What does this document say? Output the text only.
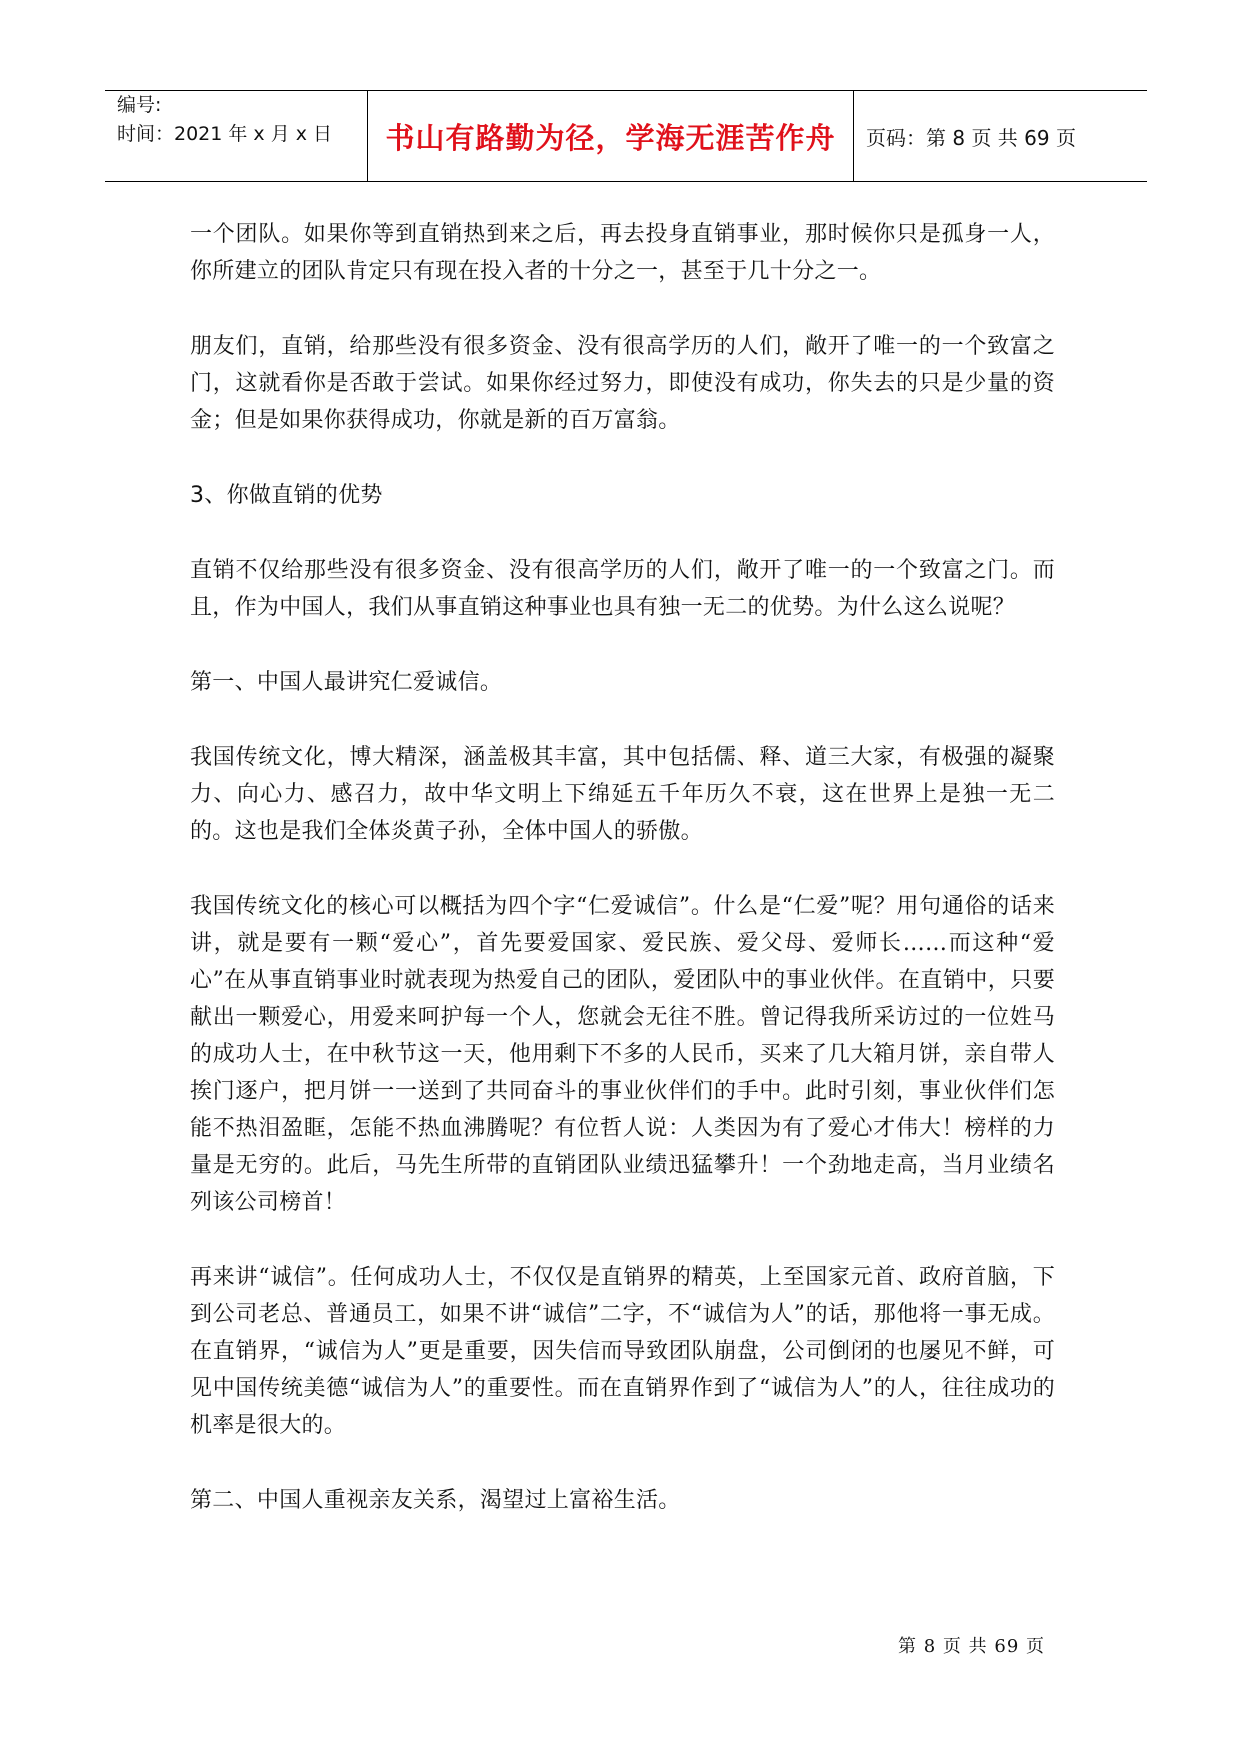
编号:
时间：2021 年 x 月 x 日	书山有路勤为径，学海无涯苦作舟	页码：第 8 页 共 69 页

一个团队。如果你等到直销热到来之后，再去投身直销事业，那时候你只是孤身一人，你所建立的团队肯定只有现在投入者的十分之一，甚至于几十分之一。

朋友们，直销，给那些没有很多资金、没有很高学历的人们，敞开了唯一的一个致富之门，这就看你是否敢于尝试。如果你经过努力，即使没有成功，你失去的只是少量的资金；但是如果你获得成功，你就是新的百万富翁。

3、你做直销的优势

直销不仅给那些没有很多资金、没有很高学历的人们，敞开了唯一的一个致富之门。而且，作为中国人，我们从事直销这种事业也具有独一无二的优势。为什么这么说呢？

第一、中国人最讲究仁爱诚信。

我国传统文化，博大精深，涵盖极其丰富，其中包括儒、释、道三大家，有极强的凝聚力、向心力、感召力，故中华文明上下绵延五千年历久不衰，这在世界上是独一无二的。这也是我们全体炎黄子孙，全体中国人的骄傲。

我国传统文化的核心可以概括为四个字“仁爱诚信”。什么是“仁爱”呢？用句通俗的话来讲，就是要有一颗“爱心”，首先要爱国家、爱民族、爱父母、爱师长……而这种“爱心”在从事直销事业时就表现为热爱自己的团队，爱团队中的事业伙伴。在直销中，只要献出一颗爱心，用爱来呵护每一个人，您就会无往不胜。曾记得我所采访过的一位姓马的成功人士，在中秋节这一天，他用剩下不多的人民币，买来了几大箱月饼，亲自带人挨门逐户，把月饼一一送到了共同奋斗的事业伙伴们的手中。此时引刻，事业伙伴们怎能不热泪盈眶，怎能不热血沸腾呢？有位哲人说：人类因为有了爱心才伟大！榜样的力量是无穷的。此后，马先生所带的直销团队业绩迅猛攀升！一个劲地走高，当月业绩名列该公司榜首！

再来讲“诚信”。任何成功人士，不仅仅是直销界的精英，上至国家元首、政府首脑，下到公司老总、普通员工，如果不讲“诚信”二字，不“诚信为人”的话，那他将一事无成。在直销界，“诚信为人”更是重要，因失信而导致团队崩盘，公司倒闭的也屡见不鲜，可见中国传统美德“诚信为人”的重要性。而在直销界作到了“诚信为人”的人，往往成功的机率是很大的。

第二、中国人重视亲友关系，渴望过上富裕生活。

第 8 页 共 69 页
